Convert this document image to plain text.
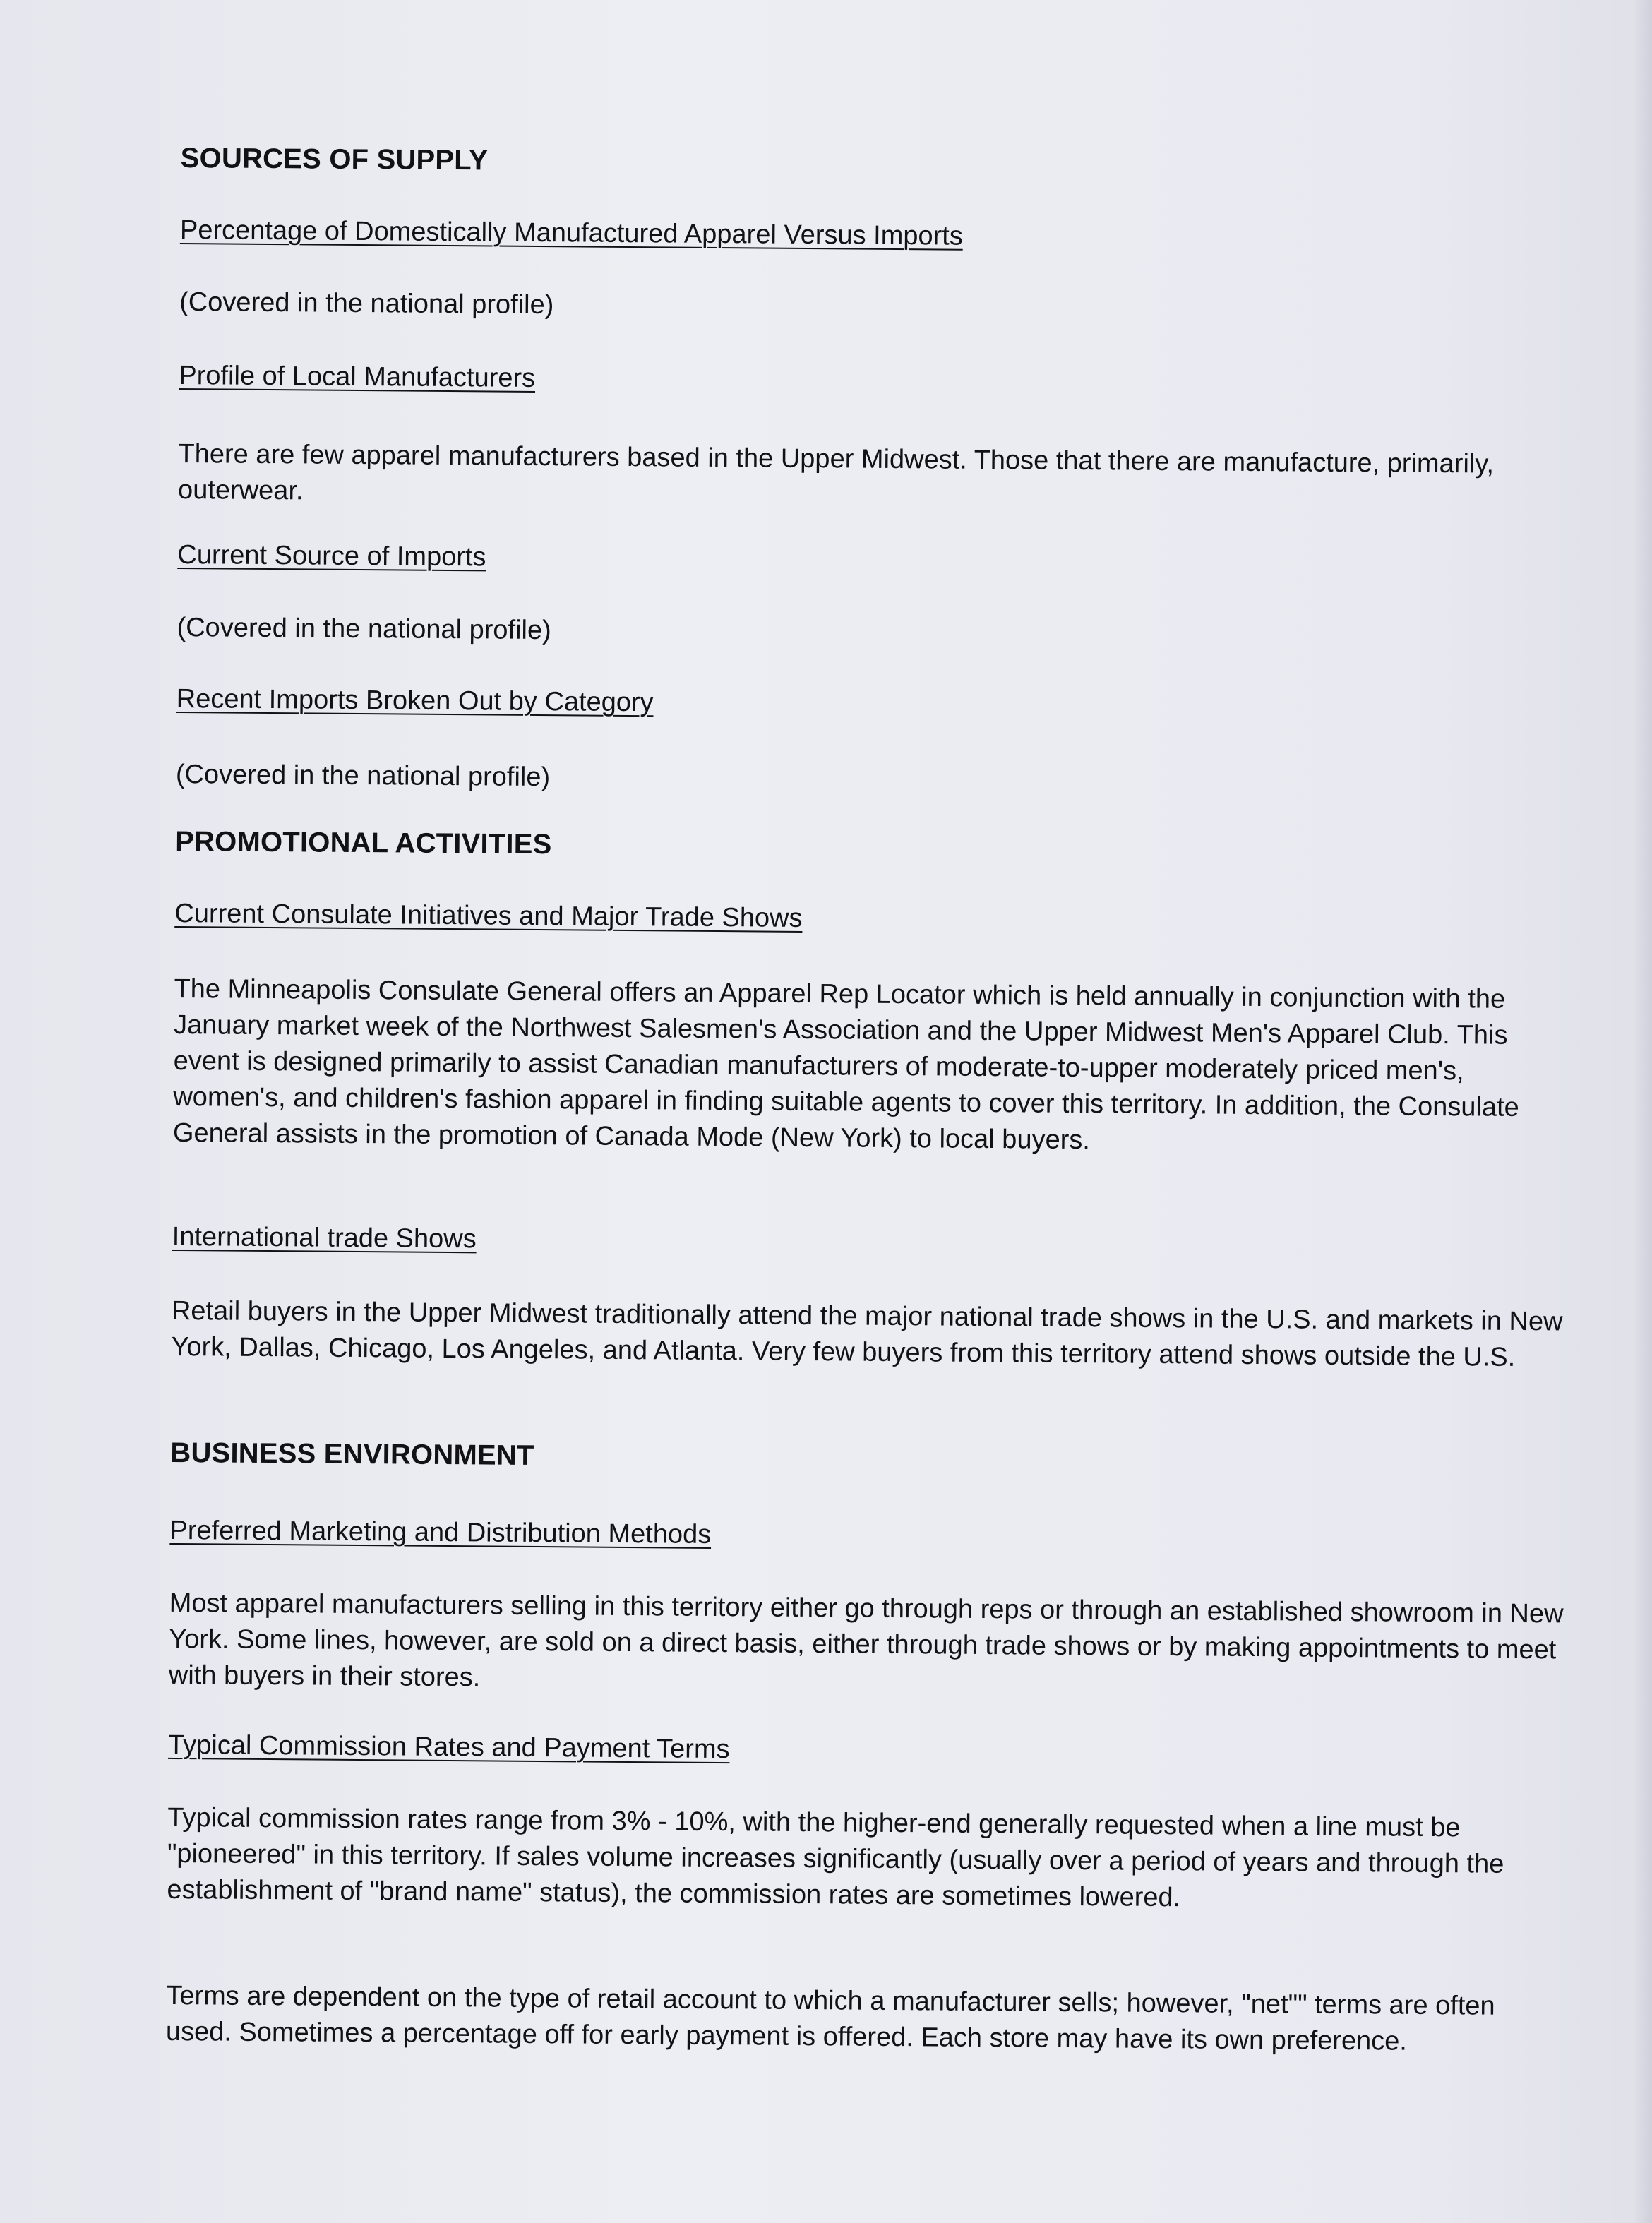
SOURCES OF SUPPLY

Percentage of Domestically Manufactured Apparel Versus Imports

(Covered in the national profile)

Profile of Local Manufacturers

There are few apparel manufacturers based in the Upper Midwest. Those that there are manufacture, primarily, outerwear.

Current Source of Imports

(Covered in the national profile)

Recent Imports Broken Out by Category

(Covered in the national profile)

PROMOTIONAL ACTIVITIES

Current Consulate Initiatives and Major Trade Shows

The Minneapolis Consulate General offers an Apparel Rep Locator which is held annually in conjunction with the January market week of the Northwest Salesmen's Association and the Upper Midwest Men's Apparel Club. This event is designed primarily to assist Canadian manufacturers of moderate-to-upper moderately priced men's, women's, and children's fashion apparel in finding suitable agents to cover this territory. In addition, the Consulate General assists in the promotion of Canada Mode (New York) to local buyers.

International trade Shows

Retail buyers in the Upper Midwest traditionally attend the major national trade shows in the U.S. and markets in New York, Dallas, Chicago, Los Angeles, and Atlanta. Very few buyers from this territory attend shows outside the U.S.

BUSINESS ENVIRONMENT

Preferred Marketing and Distribution Methods

Most apparel manufacturers selling in this territory either go through reps or through an established showroom in New York. Some lines, however, are sold on a direct basis, either through trade shows or by making appointments to meet with buyers in their stores.

Typical Commission Rates and Payment Terms

Typical commission rates range from 3% - 10%, with the higher-end generally requested when a line must be "pioneered" in this territory. If sales volume increases significantly (usually over a period of years and through the establishment of "brand name" status), the commission rates are sometimes lowered.

Terms are dependent on the type of retail account to which a manufacturer sells; however, "net"" terms are often used. Sometimes a percentage off for early payment is offered. Each store may have its own preference.
